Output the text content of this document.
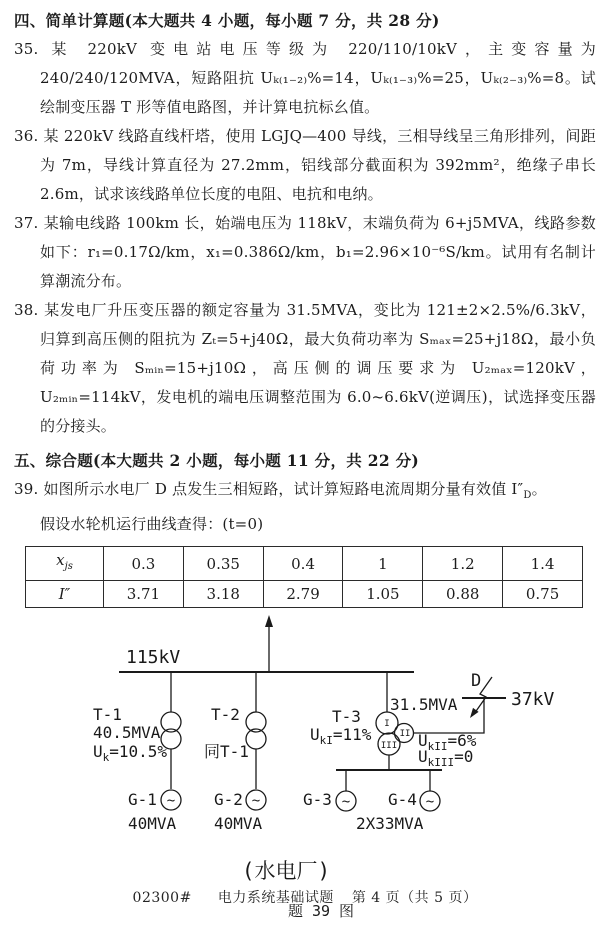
四、简单计算题(本大题共 4 小题，每小题 7 分，共 28 分)

35. 某 220kV 变电站电压等级为 220/110/10kV，主变容量为 240/240/120MVA，短路阻抗 Uₖ₍₁₋₂₎%=14，Uₖ₍₁₋₃₎%=25，Uₖ₍₂₋₃₎%=8。试绘制变压器 T 形等值电路图，并计算电抗标幺值。

36. 某 220kV 线路直线杆塔，使用 LGJQ—400 导线，三相导线呈三角形排列，间距为 7m，导线计算直径为 27.2mm，铝线部分截面积为 392mm²，绝缘子串长 2.6m，试求该线路单位长度的电阻、电抗和电纳。

37. 某输电线路 100km 长，始端电压为 118kV，末端负荷为 6+j5MVA，线路参数如下：r₁=0.17Ω/km，x₁=0.386Ω/km，b₁=2.96×10⁻⁶S/km。试用有名制计算潮流分布。

38. 某发电厂升压变压器的额定容量为 31.5MVA，变比为 121±2×2.5%/6.3kV，归算到高压侧的阻抗为 Zₜ=5+j40Ω，最大负荷功率为 Sₘₐₓ=25+j18Ω，最小负荷功率为 Sₘᵢₙ=15+j10Ω，高压侧的调压要求为 U₂ₘₐₓ=120kV，U₂ₘᵢₙ=114kV，发电机的端电压调整范围为 6.0~6.6kV(逆调压)，试选择变压器的分接头。

五、综合题(本大题共 2 小题，每小题 11 分，共 22 分)

39. 如图所示水电厂 D 点发生三相短路，试计算短路电流周期分量有效值 $I''_D$。

假设水轮机运行曲线查得：(t=0)

$x_{js}$	0.3	0.35	0.4	1	1.2	1.4
I″	3.71	3.18	2.79	1.05	0.88	0.75
115kV
T-1
40.5MVA
$U_k=10.5\%$
T-2
同T-1
I
II
III
T-3
31.5MVA
$U_{kI}=11\%$	$U_{kII}=6\%$
$U_{kIII}=0$
37kV
D
~	~	~	~
G-1	G-2	G-3	G-4
40MVA 40MVA	2X33MVA
(水电厂)
题 39 图
02300# 电力系统基础试题 第 4 页（共 5 页）
